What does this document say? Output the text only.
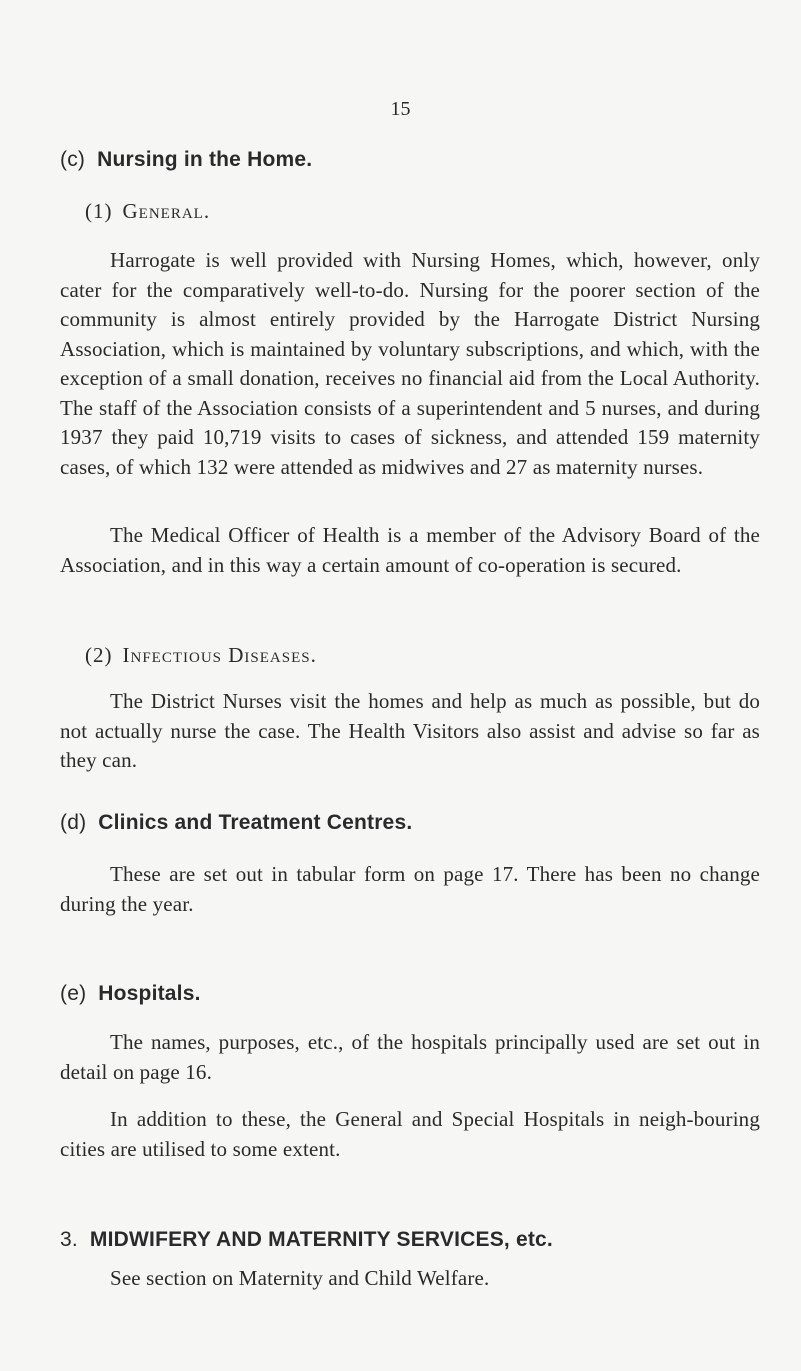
15
(c) Nursing in the Home.
(1) General.
Harrogate is well provided with Nursing Homes, which, however, only cater for the comparatively well-to-do. Nursing for the poorer section of the community is almost entirely provided by the Harrogate District Nursing Association, which is maintained by voluntary subscriptions, and which, with the exception of a small donation, receives no financial aid from the Local Authority. The staff of the Association consists of a superintendent and 5 nurses, and during 1937 they paid 10,719 visits to cases of sickness, and attended 159 maternity cases, of which 132 were attended as midwives and 27 as maternity nurses.
The Medical Officer of Health is a member of the Advisory Board of the Association, and in this way a certain amount of co-operation is secured.
(2) Infectious Diseases.
The District Nurses visit the homes and help as much as possible, but do not actually nurse the case. The Health Visitors also assist and advise so far as they can.
(d) Clinics and Treatment Centres.
These are set out in tabular form on page 17. There has been no change during the year.
(e) Hospitals.
The names, purposes, etc., of the hospitals principally used are set out in detail on page 16.
In addition to these, the General and Special Hospitals in neigh-bouring cities are utilised to some extent.
3. MIDWIFERY AND MATERNITY SERVICES, etc.
See section on Maternity and Child Welfare.
